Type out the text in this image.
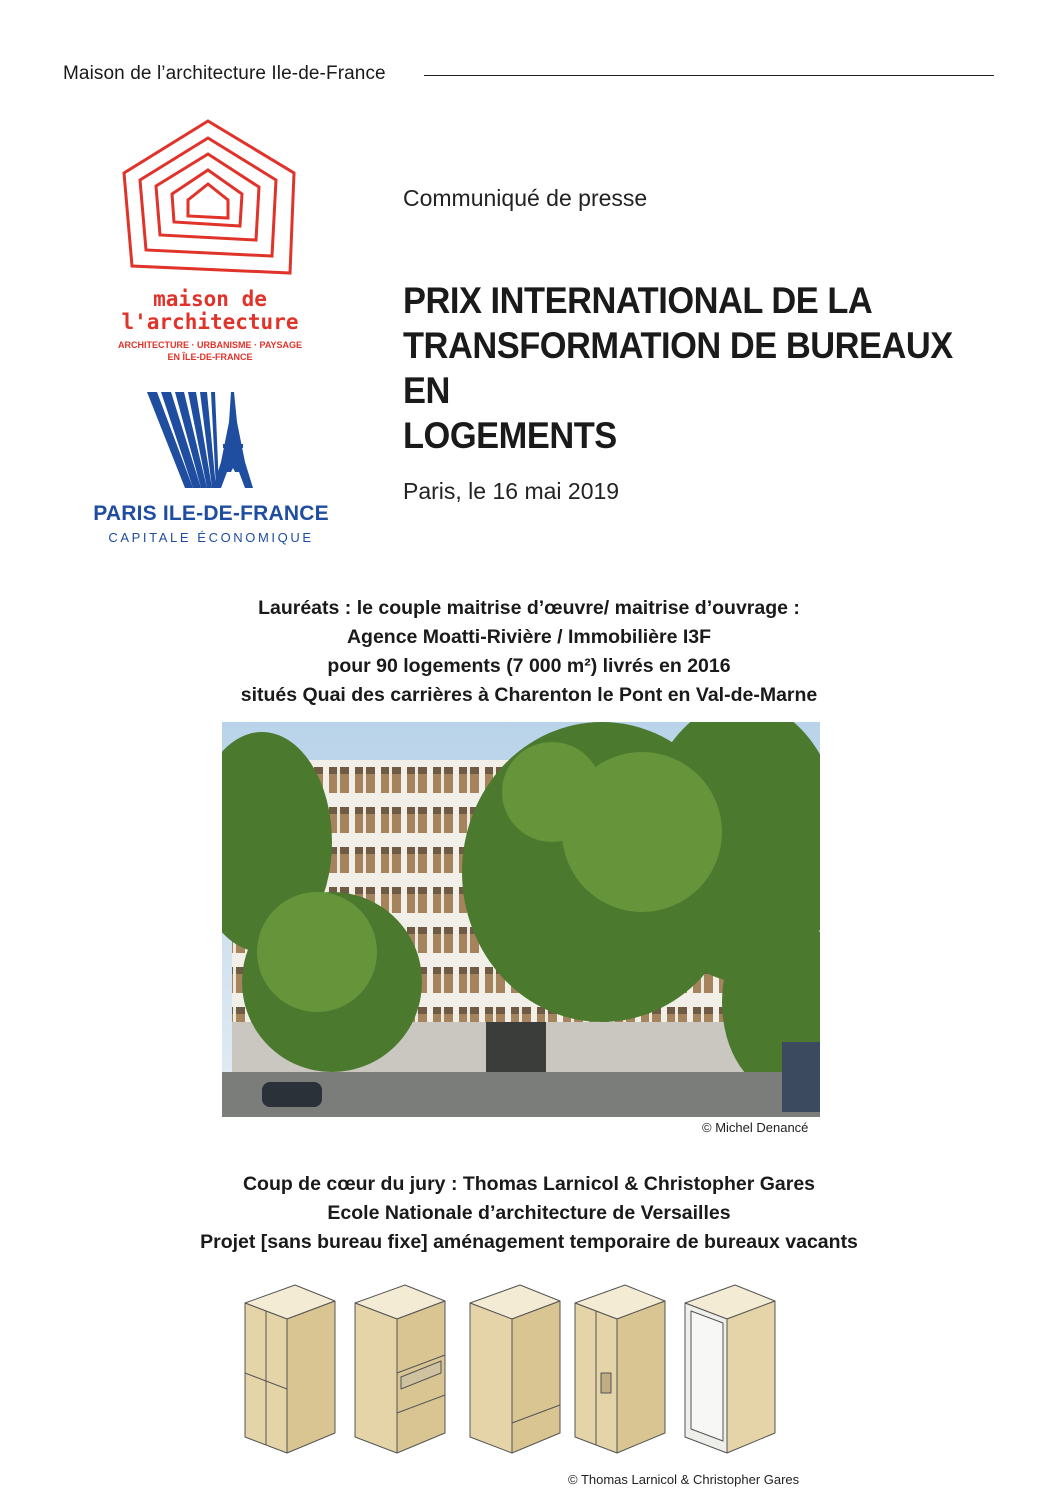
Maison de l’architecture Ile-de-France
maison de
l'architecture
ARCHITECTURE · URBANISME · PAYSAGE
EN ÎLE-DE-FRANCE
PARIS ILE-DE-FRANCE
CAPITALE ÉCONOMIQUE
Communiqué de presse
PRIX INTERNATIONAL DE LA
TRANSFORMATION DE BUREAUX EN
LOGEMENTS
Paris, le 16 mai 2019

Lauréats : le couple maitrise d’œuvre/ maitrise d’ouvrage :

Agence Moatti-Rivière / Immobilière I3F

pour 90 logements (7 000 m²) livrés en 2016

situés Quai des carrières à Charenton le Pont en Val-de-Marne

© Michel Denancé

Coup de cœur du jury : Thomas Larnicol & Christopher Gares

Ecole Nationale d’architecture de Versailles

Projet [sans bureau fixe] aménagement temporaire de bureaux vacants

© Thomas Larnicol & Christopher Gares
